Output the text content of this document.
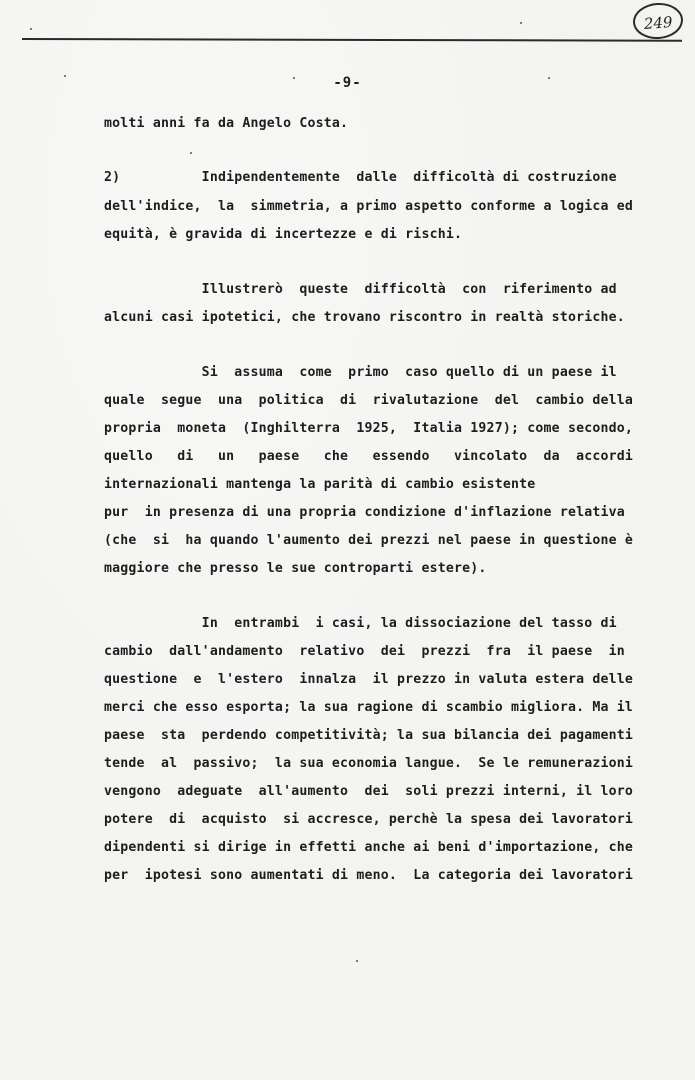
249
-9-
molti anni fa da Angelo Costa.
2)          Indipendentemente  dalle  difficoltà di costruzione
dell'indice,  la  simmetria, a primo aspetto conforme a logica ed
equità, è gravida di incertezze e di rischi.
Illustrerò  queste  difficoltà  con  riferimento ad
alcuni casi ipotetici, che trovano riscontro in realtà storiche.
Si  assuma  come  primo  caso quello di un paese il
quale  segue  una  politica  di  rivalutazione  del  cambio della
propria  moneta  (Inghilterra  1925,  Italia 1927); come secondo,
quello   di   un   paese   che   essendo   vincolato  da  accordi
internazionali mantenga la parità di cambio esistente
pur  in presenza di una propria condizione d'inflazione relativa
(che  si  ha quando l'aumento dei prezzi nel paese in questione è
maggiore che presso le sue controparti estere).
In  entrambi  i casi, la dissociazione del tasso di
cambio  dall'andamento  relativo  dei  prezzi  fra  il paese  in
questione  e  l'estero  innalza  il prezzo in valuta estera delle
merci che esso esporta; la sua ragione di scambio migliora. Ma il
paese  sta  perdendo competitività; la sua bilancia dei pagamenti
tende  al  passivo;  la sua economia langue.  Se le remunerazioni
vengono  adeguate  all'aumento  dei  soli prezzi interni, il loro
potere  di  acquisto  si accresce, perchè la spesa dei lavoratori
dipendenti si dirige in effetti anche ai beni d'importazione, che
per  ipotesi sono aumentati di meno.  La categoria dei lavoratori
